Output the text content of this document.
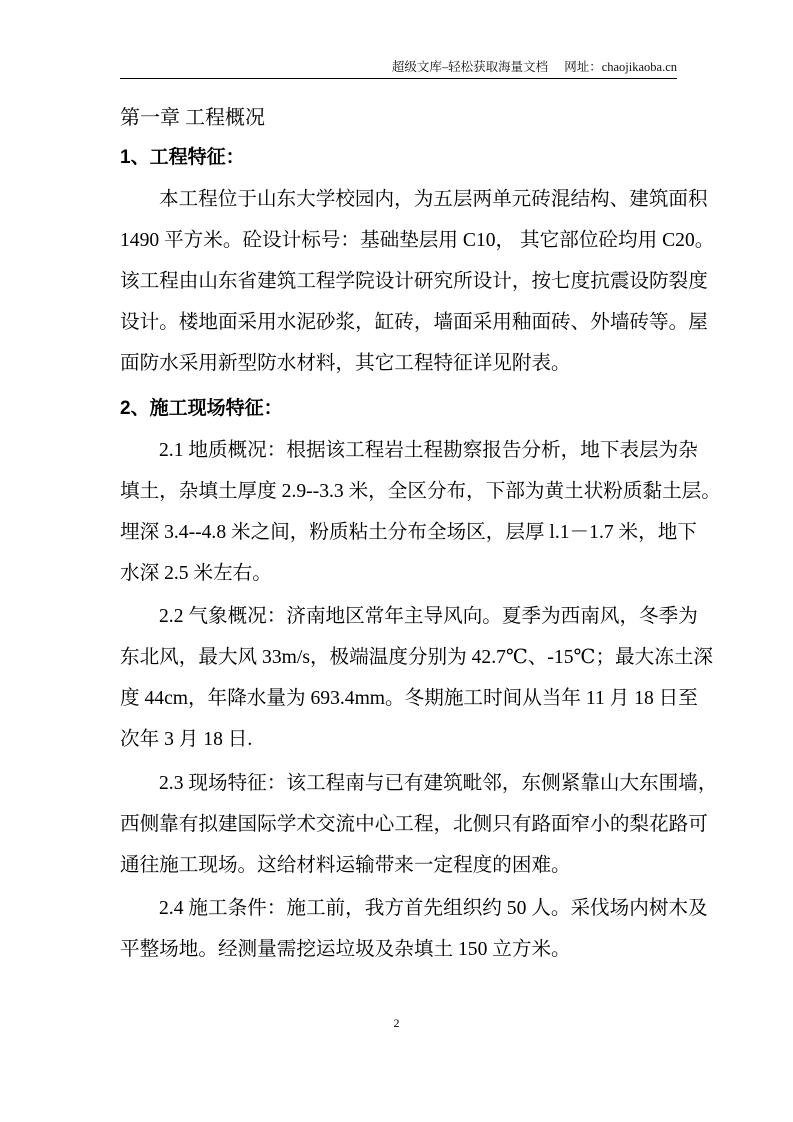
超级文库–轻松获取海量文档 网址：chaojikaoba.cn
第一章 工程概况
1、工程特征：
本工程位于山东大学校园内，为五层两单元砖混结构、建筑面积
1490 平方米。砼设计标号：基础垫层用 C10， 其它部位砼均用 C20。
该工程由山东省建筑工程学院设计研究所设计，按七度抗震设防裂度
设计。楼地面采用水泥砂浆，缸砖，墙面采用釉面砖、外墙砖等。屋
面防水采用新型防水材料，其它工程特征详见附表。
2、施工现场特征：
2.1 地质概况：根据该工程岩土程勘察报告分析，地下表层为杂
填土，杂填土厚度 2.9--3.3 米，全区分布，下部为黄土状粉质黏土层。
埋深 3.4--4.8 米之间，粉质粘土分布全场区，层厚 l.1－1.7 米，地下
水深 2.5 米左右。
2.2 气象概况：济南地区常年主导风向。夏季为西南风，冬季为
东北风，最大风 33m/s，极端温度分别为 42.7℃、-15℃；最大冻土深
度 44cm，年降水量为 693.4mm。冬期施工时间从当年 11 月 18 日至
次年 3 月 18 日.
2.3 现场特征：该工程南与已有建筑毗邻，东侧紧靠山大东围墙，
西侧靠有拟建国际学术交流中心工程，北侧只有路面窄小的梨花路可
通往施工现场。这给材料运输带来一定程度的困难。
2.4 施工条件：施工前，我方首先组织约 50 人。采伐场内树木及
平整场地。经测量需挖运垃圾及杂填土 150 立方米。
2
